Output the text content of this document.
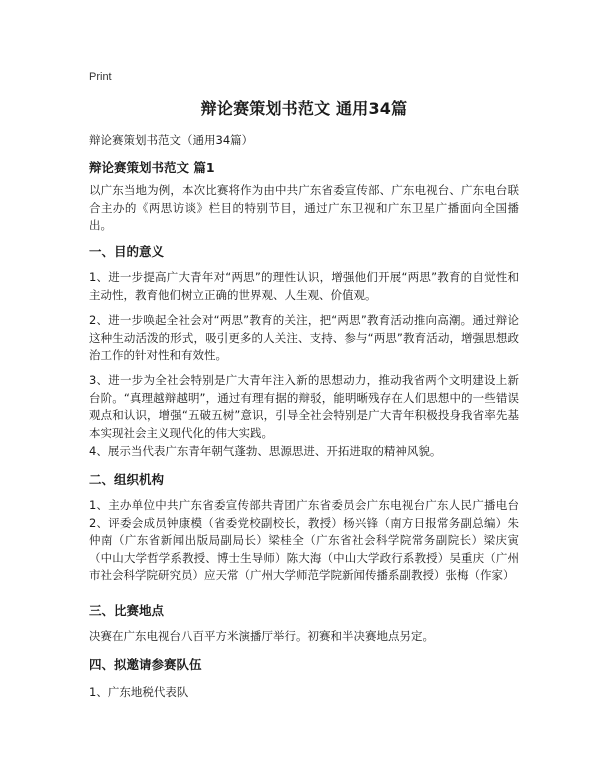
Print
辩论赛策划书范文 通用34篇

辩论赛策划书范文（通用34篇）

辩论赛策划书范文 篇1

以广东当地为例，本次比赛将作为由中共广东省委宣传部、广东电视台、广东电台联合主办的《两思访谈》栏目的特别节目，通过广东卫视和广东卫星广播面向全国播出。

一、目的意义

1、进一步提高广大青年对“两思”的理性认识，增强他们开展“两思”教育的自觉性和主动性，教育他们树立正确的世界观、人生观、价值观。

2、进一步唤起全社会对“两思”教育的关注，把“两思”教育活动推向高潮。通过辩论这种生动活泼的形式，吸引更多的人关注、支持、参与“两思”教育活动，增强思想政治工作的针对性和有效性。

3、进一步为全社会特别是广大青年注入新的思想动力，推动我省两个文明建设上新台阶。“真理越辩越明”，通过有理有据的辩驳，能明晰残存在人们思想中的一些错误观点和认识，增强“五破五树”意识，引导全社会特别是广大青年积极投身我省率先基本实现社会主义现代化的伟大实践。

4、展示当代表广东青年朝气蓬勃、思源思进、开拓进取的精神风貌。

二、组织机构

1、主办单位中共广东省委宣传部共青团广东省委员会广东电视台广东人民广播电台2、评委会成员钟康模（省委党校副校长，教授）杨兴锋（南方日报常务副总编）朱仲南（广东省新闻出版局副局长）梁桂全（广东省社会科学院常务副院长）梁庆寅（中山大学哲学系教授、博士生导师）陈大海（中山大学政行系教授）吴重庆（广州市社会科学院研究员）应天常（广州大学师范学院新闻传播系副教授）张梅（作家）

三、比赛地点

决赛在广东电视台八百平方米演播厅举行。初赛和半决赛地点另定。

四、拟邀请参赛队伍

1、广东地税代表队
